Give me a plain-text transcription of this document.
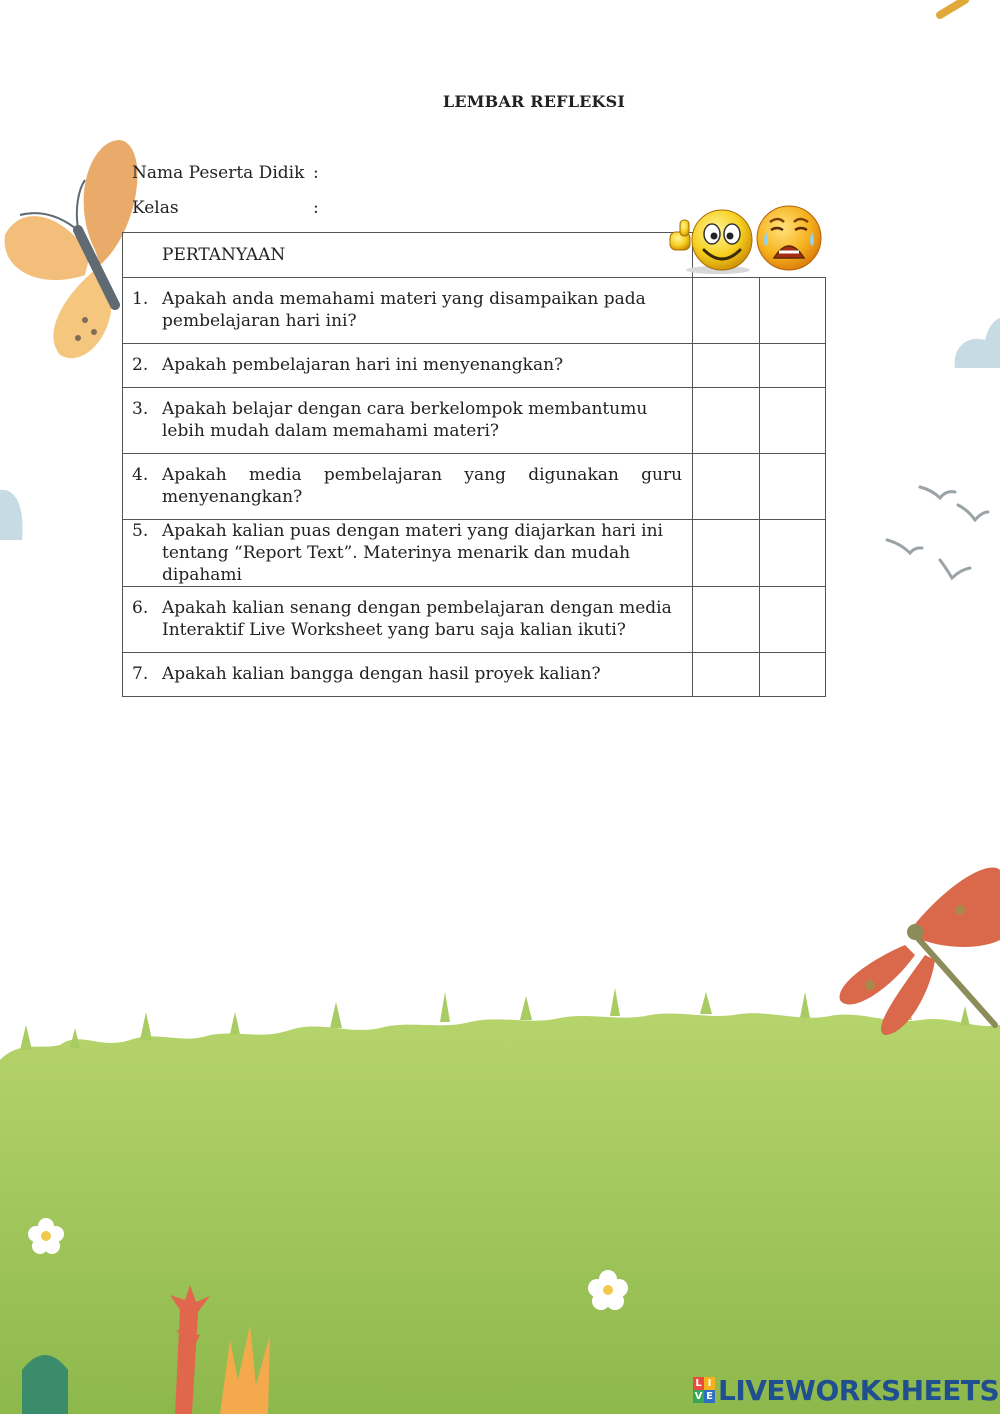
LEMBAR REFLEKSI
Nama Peserta Didik :
Kelas	:
PERTANYAAN		

1. Apakah anda memahami materi yang disampaikan pada pembelajaran hari ini?		

2. Apakah pembelajaran hari ini menyenangkan?		

3. Apakah belajar dengan cara berkelompok membantumu lebih mudah dalam memahami materi?		

4. Apakah media pembelajaran yang digunakan guru menyenangkan?		

5. Apakah kalian puas dengan materi yang diajarkan hari ini tentang “Report Text”. Materinya menarik dan mudah dipahami		

6. Apakah kalian senang dengan pembelajaran dengan media Interaktif Live Worksheet yang baru saja kalian ikuti?		

7. Apakah kalian bangga dengan hasil proyek kalian?		

L I
V E LIVEWORKSHEETS
